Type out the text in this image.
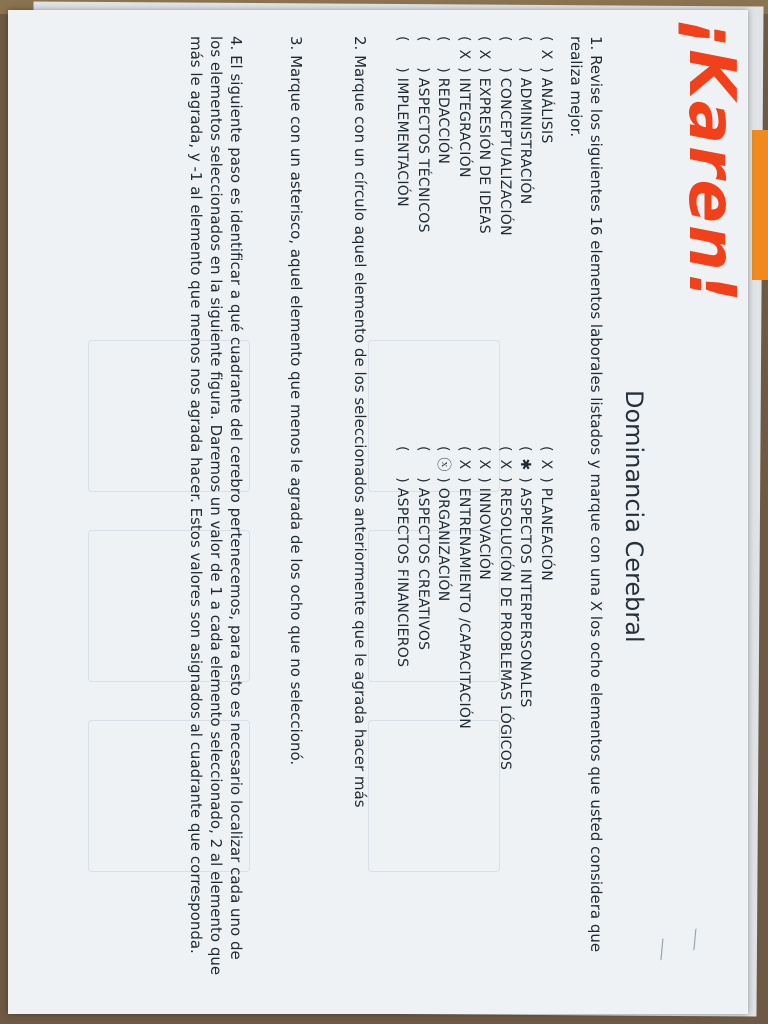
⟋ ⟋
¡Karen!
Dominancia Cerebral
1. Revise los siguientes 16 elementos laborales listados y marque con una X los ocho elementos que usted considera que realiza mejor.
( X ) ANÁLISIS
(  ) ADMINISTRACIÓN
(  ) CONCEPTUALIZACIÓN
( X ) EXPRESIÓN DE IDEAS
( X ) INTEGRACIÓN
(  ) REDACCIÓN
(  ) ASPECTOS TÉCNICOS
(  ) IMPLEMENTACIÓN
( X ) PLANEACIÓN
( ✱ ) ASPECTOS INTERPERSONALES
( X ) RESOLUCIÓN DE PROBLEMAS LÓGICOS
( X ) INNOVACIÓN
( X ) ENTRENAMIENTO /CAPACITACIÓN
( ⓧ ) ORGANIZACIÓN
(  ) ASPECTOS CREATIVOS
(  ) ASPECTOS FINANCIEROS
2. Marque con un círculo aquel elemento de los seleccionados anteriormente que le agrada hacer más
3. Marque con un asterisco, aquel elemento que menos le agrada de los ocho que no seleccionó.
4. El siguiente paso es identificar a qué cuadrante del cerebro pertenecemos, para esto es necesario localizar cada uno de los elementos seleccionados en la siguiente figura. Daremos un valor de 1 a cada elemento seleccionado, 2 al elemento que más le agrada, y -1 al elemento que menos nos agrada hacer. Estos valores son asignados al cuadrante que corresponda.
